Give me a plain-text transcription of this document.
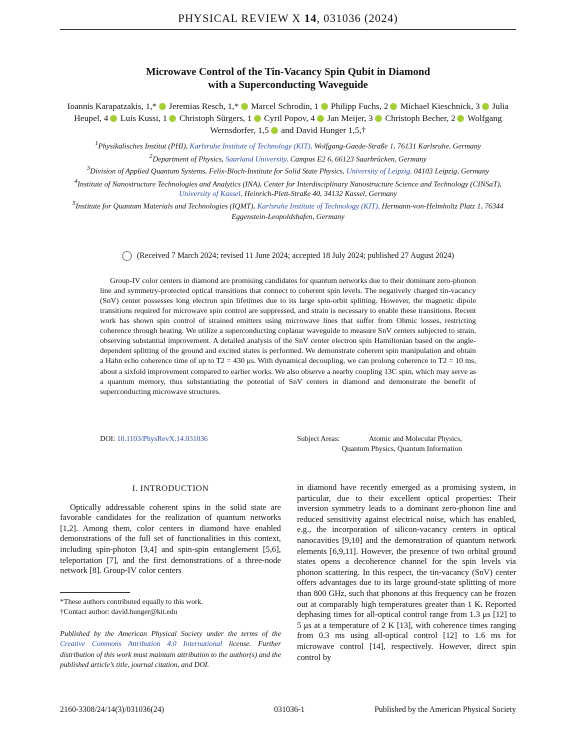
PHYSICAL REVIEW X 14, 031036 (2024)
Microwave Control of the Tin-Vacancy Spin Qubit in Diamond
with a Superconducting Waveguide
Ioannis Karapatzakis, 1,* Jeremias Resch, 1,* Marcel Schrodin, 1 Philipp Fuchs, 2 Michael Kieschnick, 3 Julia Heupel, 4 Luis Kussi, 1 Christoph Sürgers, 1 Cyril Popov, 4 Jan Meijer, 3 Christoph Becher, 2 Wolfgang Wernsdorfer, 1,5 and David Hunger 1,5,†
$^1$Physikalisches Institut (PHI), Karlsruhe Institute of Technology (KIT), Wolfgang-Gaede-Straße 1, 76131 Karlsruhe, Germany
$^2$Department of Physics, Saarland University, Campus E2 6, 66123 Saarbrücken, Germany
$^3$Division of Applied Quantum Systems, Felix-Bloch-Institute for Solid State Physics, University of Leipzig, 04103 Leipzig, Germany
$^4$Institute of Nanostructure Technologies and Analytics (INA), Center for Interdisciplinary Nanostructure Science and Technology (CINSaT),
University of Kassel, Heinrich-Plett-Straße 40, 34132 Kassel, Germany
$^5$Institute for Quantum Materials and Technologies (IQMT), Karlsruhe Institute of Technology (KIT), Hermann-von-Helmholtz Platz 1, 76344 Eggenstein-Leopoldshafen, Germany
(Received 7 March 2024; revised 11 June 2024; accepted 18 July 2024; published 27 August 2024)

Group-IV color centers in diamond are promising candidates for quantum networks due to their dominant zero-phonon line and symmetry-protected optical transitions that connect to coherent spin levels. The negatively charged tin-vacancy (SnV) center possesses long electron spin lifetimes due to its large spin-orbit splitting. However, the magnetic dipole transitions required for microwave spin control are suppressed, and strain is necessary to enable these transitions. Recent work has shown spin control of strained emitters using microwave lines that suffer from Ohmic losses, restricting coherence through heating. We utilize a superconducting coplanar waveguide to measure SnV centers subjected to strain, observing substantial improvement. A detailed analysis of the SnV center electron spin Hamiltonian based on the angle-dependent splitting of the ground and excited states is performed. We demonstrate coherent spin manipulation and obtain a Hahn echo coherence time of up to T2 = 430 μs. With dynamical decoupling, we can prolong coherence to T2 = 10 ms, about a sixfold improvement compared to earlier works. We also observe a nearby coupling 13C spin, which may serve as a quantum memory, thus substantiating the potential of SnV centers in diamond and demonstrate the benefit of superconducting microwave structures.

DOI: 10.1103/PhysRevX.14.031036	Subject Areas:	Atomic and Molecular Physics,
Quantum Physics, Quantum Information
I. INTRODUCTION

Optically addressable coherent spins in the solid state are favorable candidates for the realization of quantum networks [1,2]. Among them, color centers in diamond have enabled demonstrations of the full set of functionalities in this context, including spin-photon [3,4] and spin-spin entanglement [5,6], teleportation [7], and the first demonstrations of a three-node network [8]. Group-IV color centers

in diamond have recently emerged as a promising system, in particular, due to their excellent optical properties: Their inversion symmetry leads to a dominant zero-phonon line and reduced sensitivity against electrical noise, which has enabled, e.g., the incorporation of silicon-vacancy centers in optical nanocavities [9,10] and the demonstration of quantum network elements [6,9,11]. However, the presence of two orbital ground states opens a decoherence channel for the spin levels via phonon scattering. In this respect, the tin-vacancy (SnV) center offers advantages due to its large ground-state splitting of more than 800 GHz, such that phonons at this frequency can be frozen out at comparably high temperatures greater than 1 K. Reported dephasing times for all-optical control range from 1.3 μs [12] to 5 μs at a temperature of 2 K [13], with coherence times ranging from 0.3 ms using all-optical control [12] to 1.6 ms for microwave control [14], respectively. However, direct spin control by

*These authors contributed equally to this work.
†Contact author: david.hunger@kit.edu
Published by the American Physical Society under the terms of the Creative Commons Attribution 4.0 International license. Further distribution of this work must maintain attribution to the author(s) and the published article’s title, journal citation, and DOI.
2160-3308/24/14(3)/031036(24)	031036-1	Published by the American Physical Society
